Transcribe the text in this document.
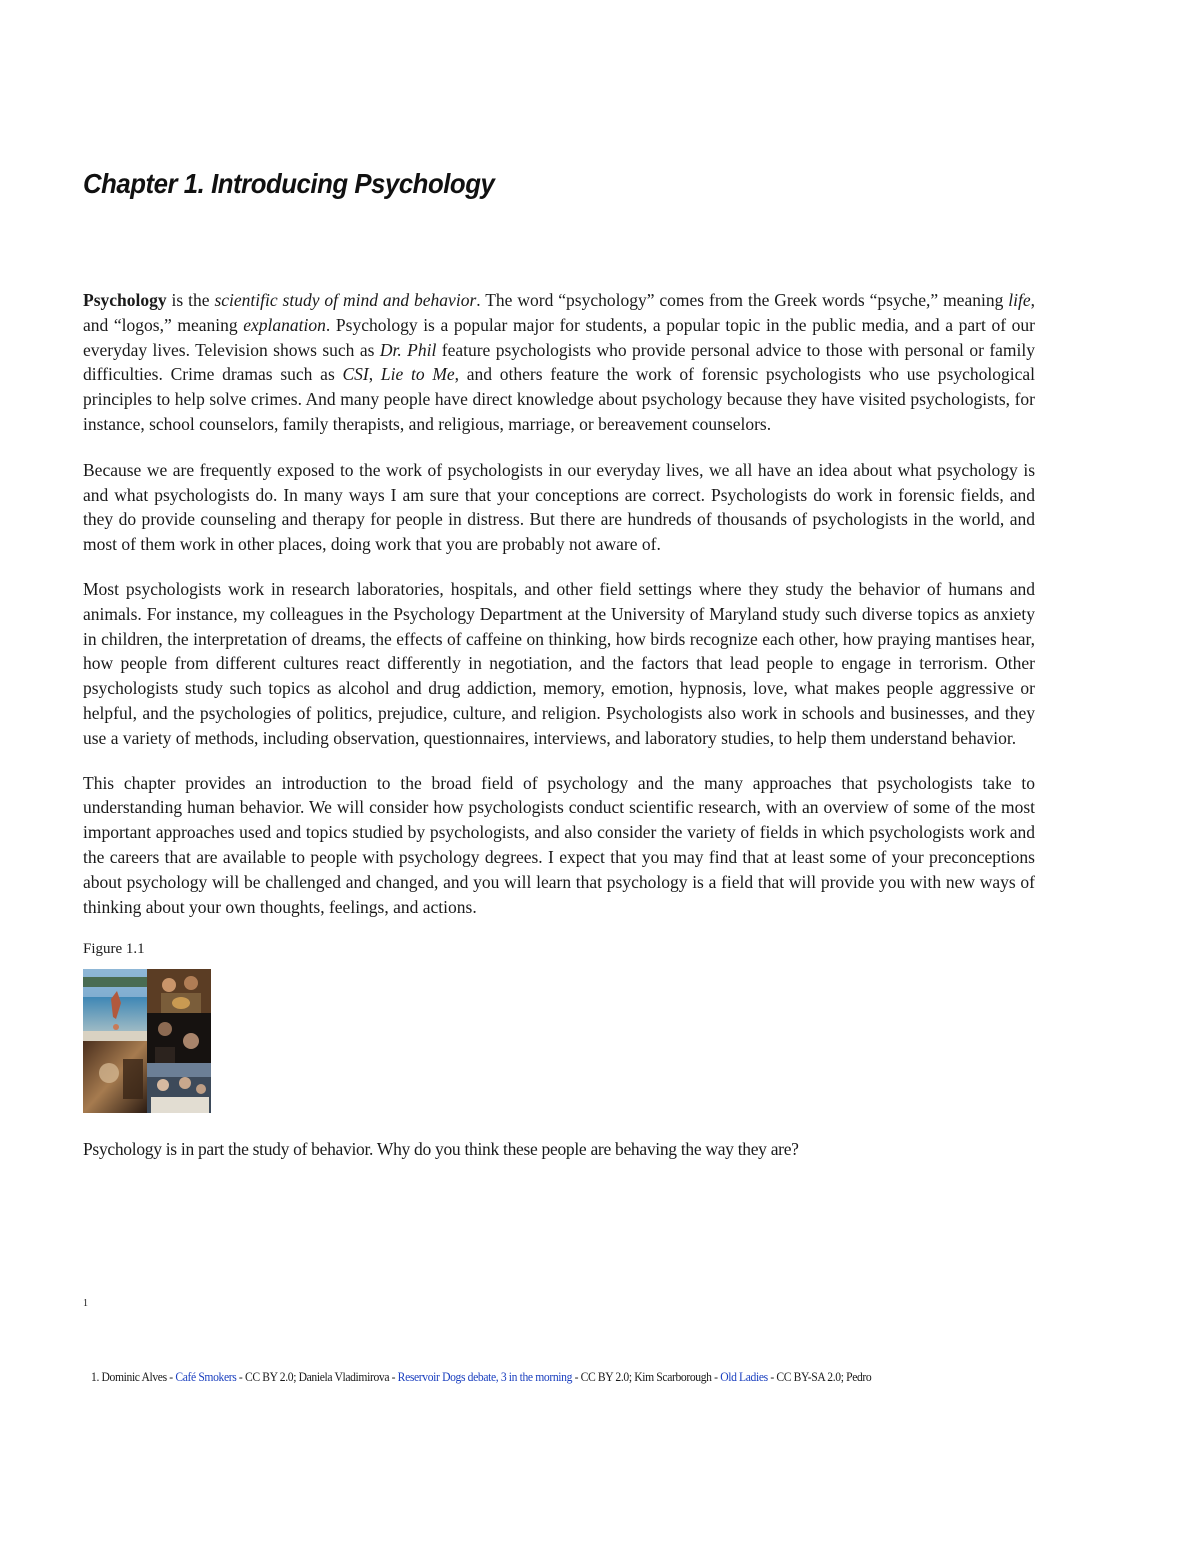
Chapter 1. Introducing Psychology

Psychology is the scientific study of mind and behavior. The word “psychology” comes from the Greek words “psyche,” meaning life, and “logos,” meaning explanation. Psychology is a popular major for students, a popular topic in the public media, and a part of our everyday lives. Television shows such as Dr. Phil feature psychologists who provide personal advice to those with personal or family difficulties. Crime dramas such as CSI, Lie to Me, and others feature the work of forensic psychologists who use psychological principles to help solve crimes. And many people have direct knowledge about psychology because they have visited psychologists, for instance, school counselors, family therapists, and religious, marriage, or bereavement counselors.

Because we are frequently exposed to the work of psychologists in our everyday lives, we all have an idea about what psychology is and what psychologists do. In many ways I am sure that your conceptions are correct. Psychologists do work in forensic fields, and they do provide counseling and therapy for people in distress. But there are hundreds of thousands of psychologists in the world, and most of them work in other places, doing work that you are probably not aware of.

Most psychologists work in research laboratories, hospitals, and other field settings where they study the behavior of humans and animals. For instance, my colleagues in the Psychology Department at the University of Maryland study such diverse topics as anxiety in children, the interpretation of dreams, the effects of caffeine on thinking, how birds recognize each other, how praying mantises hear, how people from different cultures react differently in negotiation, and the factors that lead people to engage in terrorism. Other psychologists study such topics as alcohol and drug addiction, memory, emotion, hypnosis, love, what makes people aggressive or helpful, and the psychologies of politics, prejudice, culture, and religion. Psychologists also work in schools and businesses, and they use a variety of methods, including observation, questionnaires, interviews, and laboratory studies, to help them understand behavior.

This chapter provides an introduction to the broad field of psychology and the many approaches that psychologists take to understanding human behavior. We will consider how psychologists conduct scientific research, with an overview of some of the most important approaches used and topics studied by psychologists, and also consider the variety of fields in which psychologists work and the careers that are available to people with psychology degrees. I expect that you may find that at least some of your preconceptions about psychology will be challenged and changed, and you will learn that psychology is a field that will provide you with new ways of thinking about your own thoughts, feelings, and actions.

Figure 1.1

Psychology is in part the study of behavior. Why do you think these people are behaving the way they are?

1
1. Dominic Alves - Café Smokers - CC BY 2.0; Daniela Vladimirova - Reservoir Dogs debate, 3 in the morning - CC BY 2.0; Kim Scarborough - Old Ladies - CC BY-SA 2.0; Pedro
